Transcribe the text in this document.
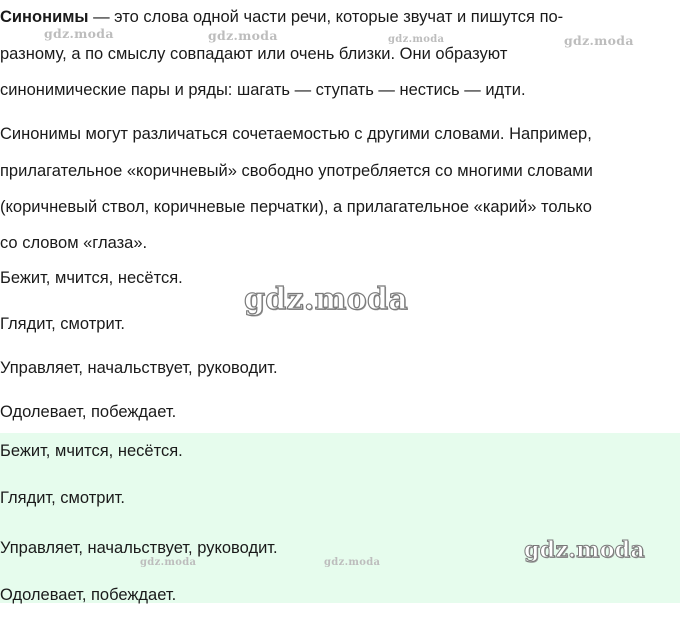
Синонимы — это слова одной части речи, которые звучат и пишутся по-
разному, а по смыслу совпадают или очень близки. Они образуют
синонимические пары и ряды: шагать — ступать — нестись — идти.
Синонимы могут различаться сочетаемостью с другими словами. Например,
прилагательное «коричневый» свободно употребляется со многими словами
(коричневый ствол, коричневые перчатки), а прилагательное «карий» только
со словом «глаза».
Бежит, мчится, несётся.
Глядит, смотрит.
Управляет, начальствует, руководит.
Одолевает, побеждает.
Бежит, мчится, несётся.
Глядит, смотрит.
Управляет, начальствует, руководит.
Одолевает, побеждает.
gdz.moda	gdz.moda	gdz.moda	gdz.moda
gdz.moda
gdz.moda
gdz.moda	gdz.moda
